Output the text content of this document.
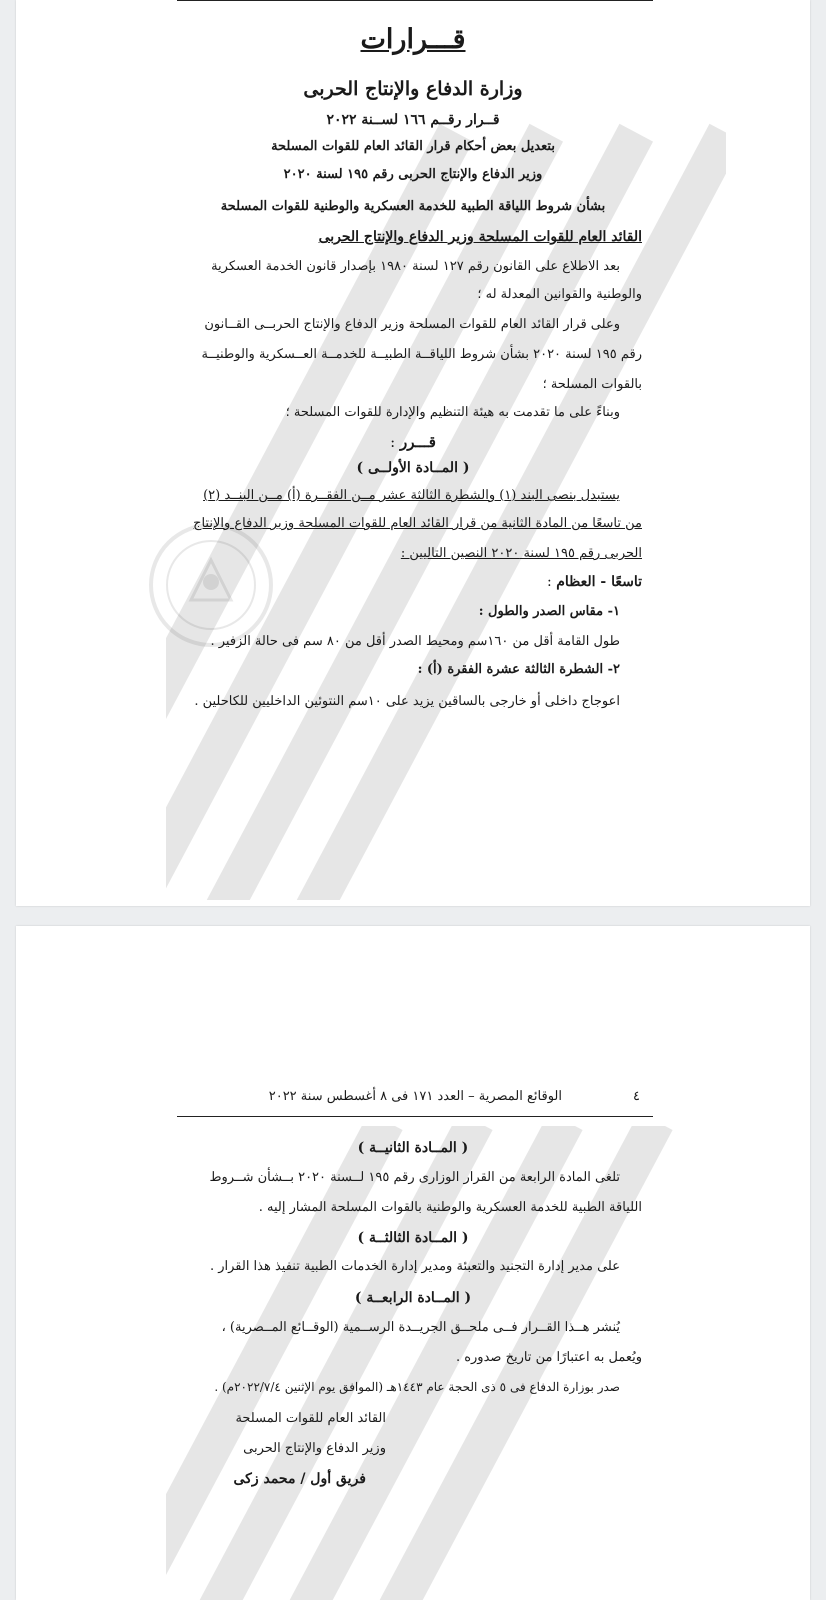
قـــرارات
وزارة الدفاع والإنتاج الحربى
قــرار رقــم ١٦٦ لســنة ٢٠٢٢
بتعديل بعض أحكام قرار القائد العام للقوات المسلحة
وزير الدفاع والإنتاج الحربى رقم ١٩٥ لسنة ٢٠٢٠
بشأن شروط اللياقة الطبية للخدمة العسكرية والوطنية للقوات المسلحة
القائد العام للقوات المسلحة وزير الدفاع والإنتاج الحربى
بعد الاطلاع على القانون رقم ١٢٧ لسنة ١٩٨٠ بإصدار قانون الخدمة العسكرية
والوطنية والقوانين المعدلة له ؛
وعلى قرار القائد العام للقوات المسلحة وزير الدفاع والإنتاج الحربــى القــانون
رقم ١٩٥ لسنة ٢٠٢٠ بشأن شروط اللياقــة الطبيــة للخدمــة العــسكرية والوطنيــة
بالقوات المسلحة ؛
وبناءً على ما تقدمت به هيئة التنظيم والإدارة للقوات المسلحة ؛
قـــرر :
( المــادة الأولــى )
يستبدل بنصى البند (١) والشطرة الثالثة عشر مــن الفقــرة (أ) مــن البنــد (٢)
من تاسعًا من المادة الثانية من قرار القائد العام للقوات المسلحة وزير الدفاع والإنتاج
الحربى رقم ١٩٥ لسنة ٢٠٢٠ النصين التاليين :
تاسعًا - العظام :
١- مقاس الصدر والطول :
طول القامة أقل من ١٦٠سم ومحيط الصدر أقل من ٨٠ سم فى حالة الزفير .
٢- الشطرة الثالثة عشرة الفقرة (أ) :
اعوجاج داخلى أو خارجى بالساقين يزيد على ١٠سم النتوئين الداخليين للكاحلين .
٤
الوقائع المصرية – العدد ١٧١ فى ٨ أغسطس سنة ٢٠٢٢
( المــادة الثانيــة )
تلغى المادة الرابعة من القرار الوزارى رقم ١٩٥ لــسنة ٢٠٢٠ بــشأن شــروط
اللياقة الطبية للخدمة العسكرية والوطنية بالقوات المسلحة المشار إليه .
( المــادة الثالثــة )
على مدير إدارة التجنيد والتعبئة ومدير إدارة الخدمات الطبية تنفيذ هذا القرار .
( المــادة الرابعــة )
يُنشر هــذا القــرار فــى ملحــق الجريــدة الرســمية (الوقــائع المــصرية) ،
ويُعمل به اعتبارًا من تاريخ صدوره .
صدر بوزارة الدفاع فى ٥ ذى الحجة عام ١٤٤٣هـ (الموافق يوم الإثنين ٢٠٢٢/٧/٤م) .
القائد العام للقوات المسلحة
وزير الدفاع والإنتاج الحربى
فريق أول / محمد زكى
